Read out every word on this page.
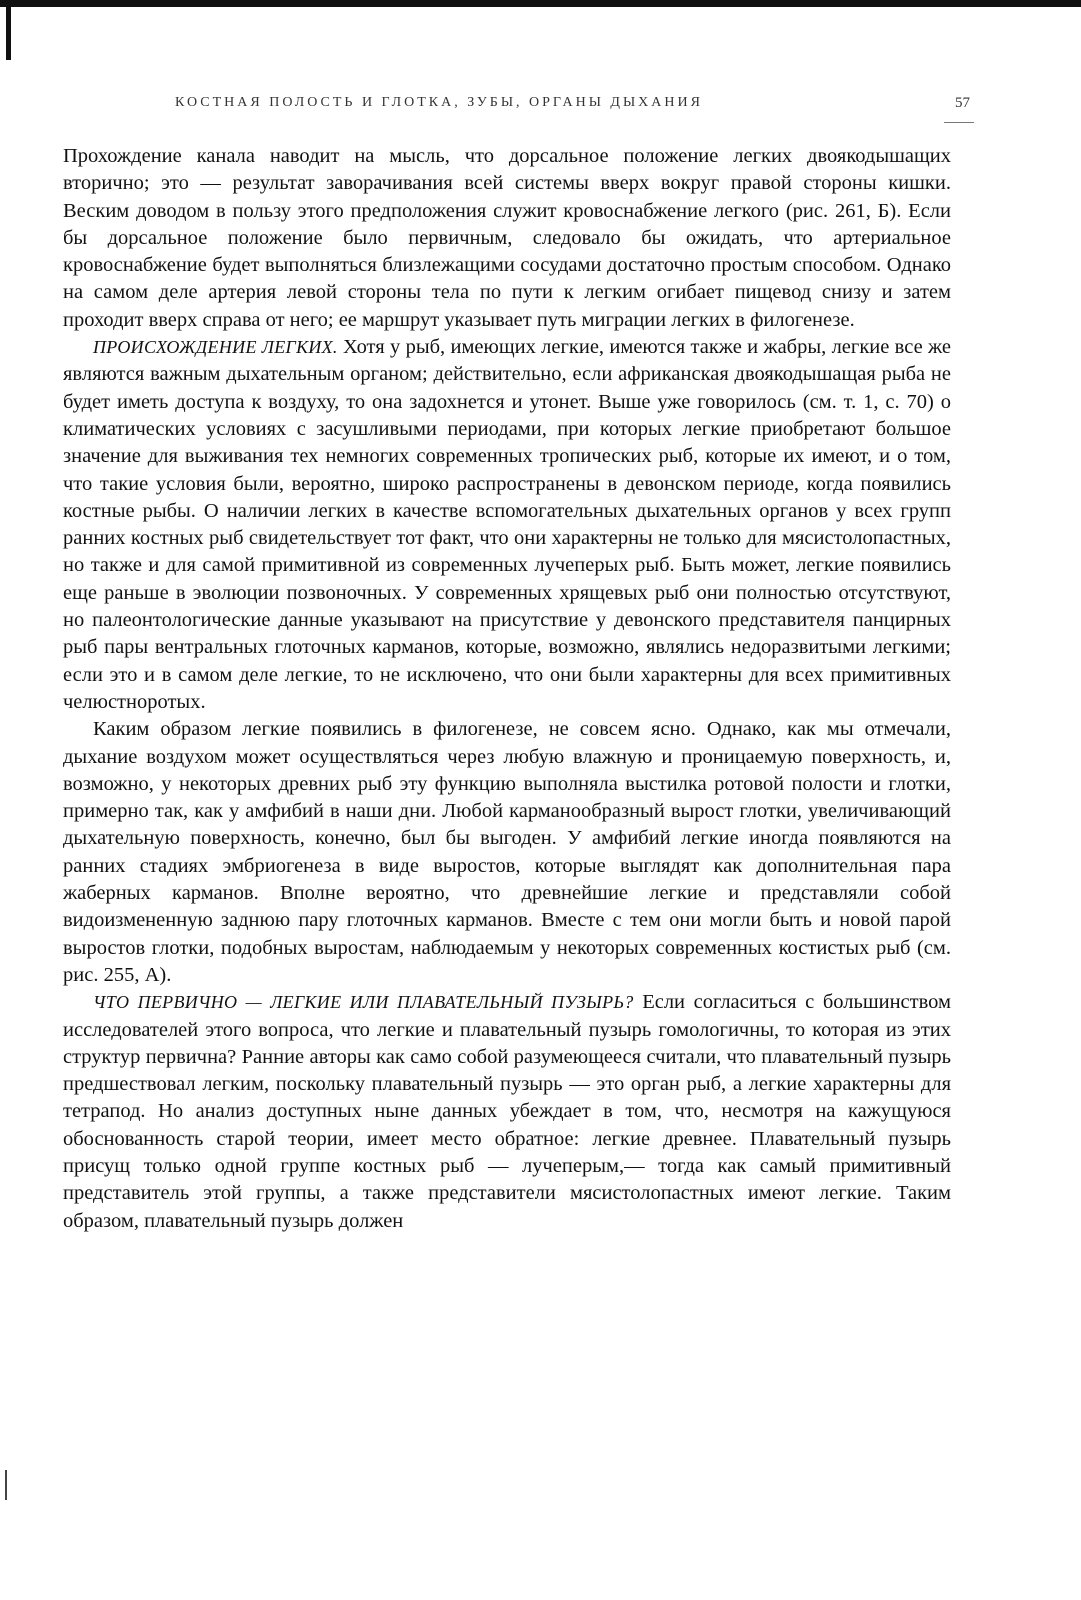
КОСТНАЯ ПОЛОСТЬ И ГЛОТКА, ЗУБЫ, ОРГАНЫ ДЫХАНИЯ	57

Прохождение канала наводит на мысль, что дорсальное положение легких двоякодышащих вторично; это — результат заворачивания всей системы вверх вокруг правой стороны кишки. Веским доводом в пользу этого предположения служит кровоснабжение легкого (рис. 261, Б). Если бы дорсальное положение было первичным, следовало бы ожидать, что артериальное кровоснабжение будет выполняться близлежащими сосудами достаточно простым способом. Однако на самом деле артерия левой стороны тела по пути к легким огибает пищевод снизу и затем проходит вверх справа от него; ее маршрут указывает путь миграции легких в филогенезе.

ПРОИСХОЖДЕНИЕ ЛЕГКИХ. Хотя у рыб, имеющих легкие, имеются также и жабры, легкие все же являются важным дыхательным органом; действительно, если африканская двоякодышащая рыба не будет иметь доступа к воздуху, то она задохнется и утонет. Выше уже говорилось (см. т. 1, с. 70) о климатических условиях с засушливыми периодами, при которых легкие приобретают большое значение для выживания тех немногих современных тропических рыб, которые их имеют, и о том, что такие условия были, вероятно, широко распространены в девонском периоде, когда появились костные рыбы. О наличии легких в качестве вспомогательных дыхательных органов у всех групп ранних костных рыб свидетельствует тот факт, что они характерны не только для мясистолопастных, но также и для самой примитивной из современных лучеперых рыб. Быть может, легкие появились еще раньше в эволюции позвоночных. У современных хрящевых рыб они полностью отсутствуют, но палеонтологические данные указывают на присутствие у девонского представителя панцирных рыб пары вентральных глоточных карманов, которые, возможно, являлись недоразвитыми легкими; если это и в самом деле легкие, то не исключено, что они были характерны для всех примитивных челюстноротых.

Каким образом легкие появились в филогенезе, не совсем ясно. Однако, как мы отмечали, дыхание воздухом может осуществляться через любую влажную и проницаемую поверхность, и, возможно, у некоторых древних рыб эту функцию выполняла выстилка ротовой полости и глотки, примерно так, как у амфибий в наши дни. Любой карманообразный вырост глотки, увеличивающий дыхательную поверхность, конечно, был бы выгоден. У амфибий легкие иногда появляются на ранних стадиях эмбриогенеза в виде выростов, которые выглядят как дополнительная пара жаберных карманов. Вполне вероятно, что древнейшие легкие и представляли собой видоизмененную заднюю пару глоточных карманов. Вместе с тем они могли быть и новой парой выростов глотки, подобных выростам, наблюдаемым у некоторых современных костистых рыб (см. рис. 255, А).

ЧТО ПЕРВИЧНО — ЛЕГКИЕ ИЛИ ПЛАВАТЕЛЬНЫЙ ПУЗЫРЬ? Если согласиться с большинством исследователей этого вопроса, что легкие и плавательный пузырь гомологичны, то которая из этих структур первична? Ранние авторы как само собой разумеющееся считали, что плавательный пузырь предшествовал легким, поскольку плавательный пузырь — это орган рыб, а легкие характерны для тетрапод. Но анализ доступных ныне данных убеждает в том, что, несмотря на кажущуюся обоснованность старой теории, имеет место обратное: легкие древнее. Плавательный пузырь присущ только одной группе костных рыб — лучеперым,— тогда как самый примитивный представитель этой группы, а также представители мясистолопастных имеют легкие. Таким образом, плавательный пузырь должен
